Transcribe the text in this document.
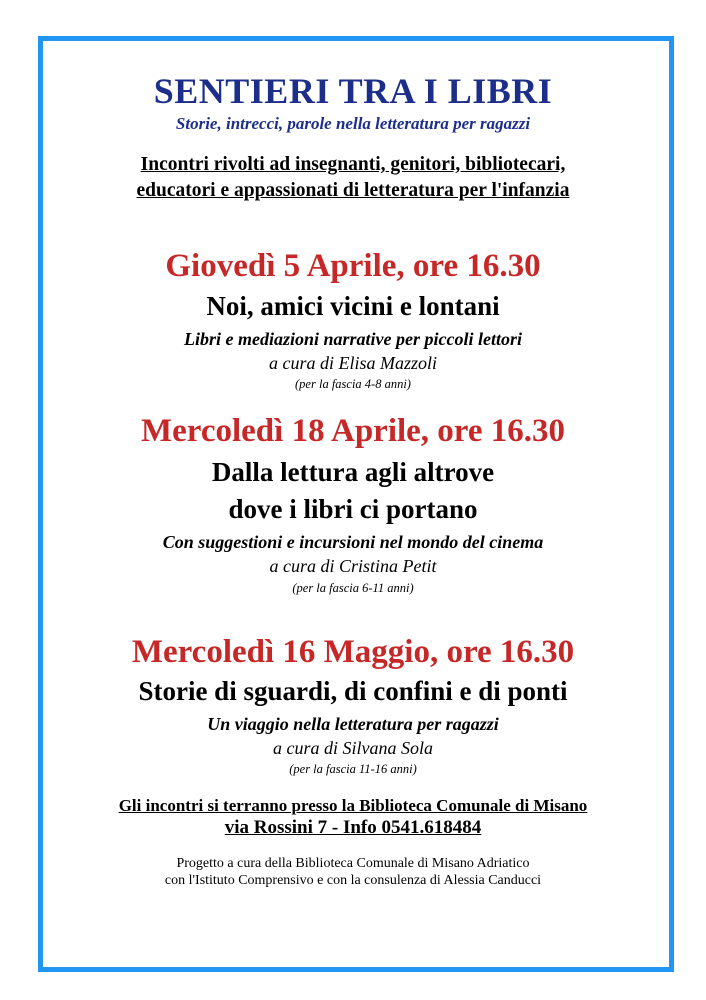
SENTIERI TRA I LIBRI
Storie, intrecci, parole nella letteratura per ragazzi
Incontri rivolti ad insegnanti, genitori, bibliotecari,
educatori e appassionati di letteratura per l'infanzia
Giovedì 5 Aprile, ore 16.30
Noi, amici vicini e lontani
Libri e mediazioni narrative per piccoli lettori
a cura di Elisa Mazzoli
(per la fascia 4-8 anni)
Mercoledì 18 Aprile, ore 16.30
Dalla lettura agli altrove
dove i libri ci portano
Con suggestioni e incursioni nel mondo del cinema
a cura di Cristina Petit
(per la fascia 6-11 anni)
Mercoledì 16 Maggio, ore 16.30
Storie di sguardi, di confini e di ponti
Un viaggio nella letteratura per ragazzi
a cura di Silvana Sola
(per la fascia 11-16 anni)
Gli incontri si terranno presso la Biblioteca Comunale di Misano
via Rossini 7 - Info 0541.618484
Progetto a cura della Biblioteca Comunale di Misano Adriatico
con l'Istituto Comprensivo e con la consulenza di Alessia Canducci
